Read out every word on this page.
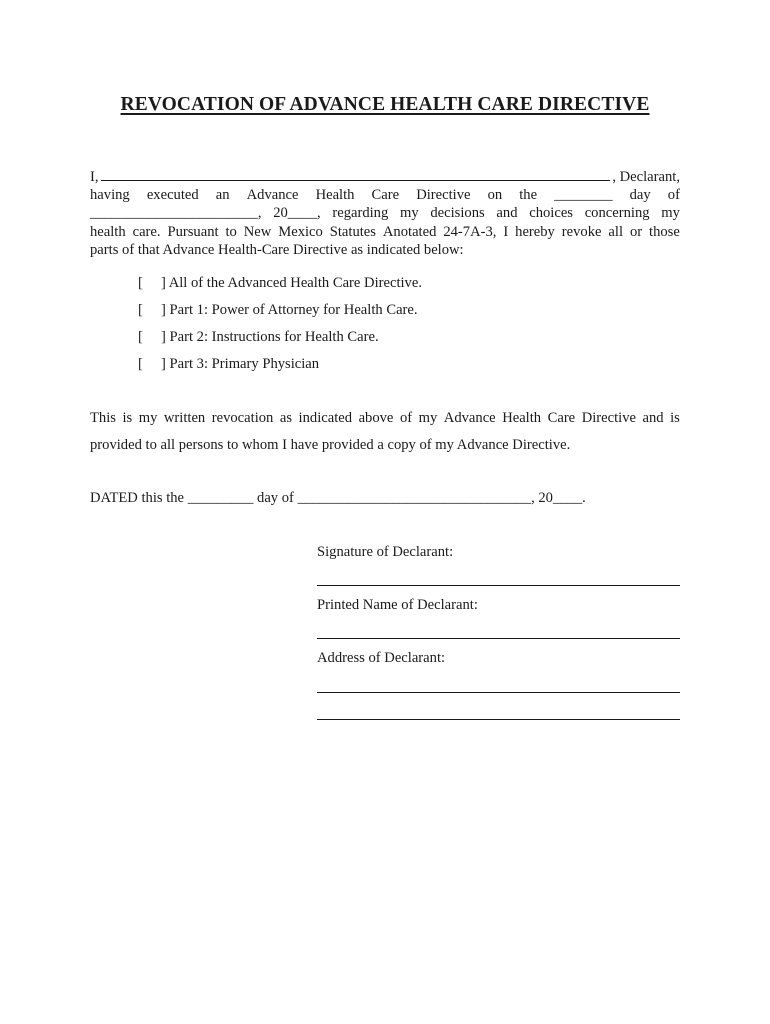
REVOCATION OF ADVANCE HEALTH CARE DIRECTIVE
I,	, Declarant,
having executed an Advance Health Care Directive on the ________ day of
_______________________, 20____, regarding my decisions and choices concerning my
health care. Pursuant to New Mexico Statutes Anotated 24-7A-3, I hereby revoke all or those
parts of that Advance Health-Care Directive as indicated below:
[ ] All of the Advanced Health Care Directive.
[ ] Part 1: Power of Attorney for Health Care.
[ ] Part 2: Instructions for Health Care.
[ ] Part 3: Primary Physician
This is my written revocation as indicated above of my Advance Health Care Directive and is
provided to all persons to whom I have provided a copy of my Advance Directive.
DATED this the _________ day of ________________________________, 20____.
Signature of Declarant:
Printed Name of Declarant:
Address of Declarant:
